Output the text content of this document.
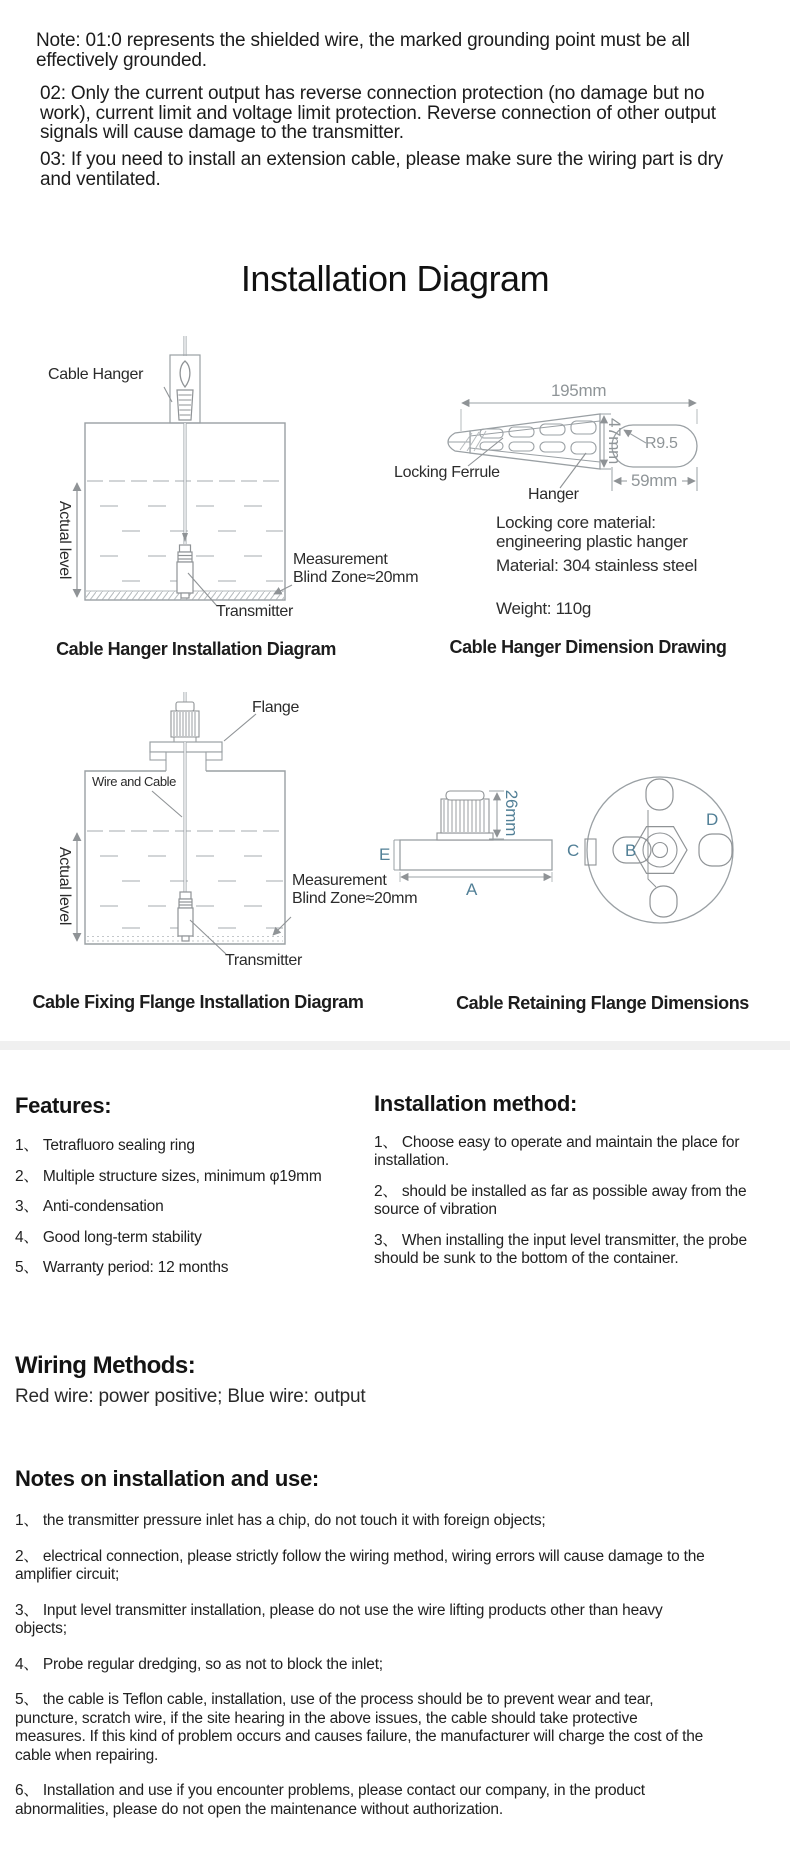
Note: 01:0 represents the shielded wire, the marked grounding point must be all effectively grounded.
02: Only the current output has reverse connection protection (no damage but no work), current limit and voltage limit protection. Reverse connection of other output signals will cause damage to the transmitter.
03: If you need to install an extension cable, please make sure the wiring part is dry and ventilated.
Installation Diagram
Cable Hanger
Actual level	Measurement
Blind Zone≈20mm
Transmitter
Cable Hanger Installation Diagram
195mm
47mm R9.5
59mm
Locking Ferrule
Hanger
Locking core material: engineering plastic hanger
Material: 304 stainless steel
Weight: 110g
Cable Hanger Dimension Drawing
Flange
Wire and Cable
Actual level	Measurement
Blind Zone≈20mm
Transmitter
Cable Fixing Flange Installation Diagram
E
26mm
A
C	B
D
Cable Retaining Flange Dimensions
Features:
1、 Tetrafluoro sealing ring
2、 Multiple structure sizes, minimum φ19mm
3、 Anti-condensation
4、 Good long-term stability
5、 Warranty period: 12 months
Installation method:
1、 Choose easy to operate and maintain the place for installation.
2、 should be installed as far as possible away from the source of vibration
3、 When installing the input level transmitter, the probe should be sunk to the bottom of the container.
Wiring Methods:
Red wire: power positive; Blue wire: output
Notes on installation and use:
1、 the transmitter pressure inlet has a chip, do not touch it with foreign objects;
2、 electrical connection, please strictly follow the wiring method, wiring errors will cause damage to the amplifier circuit;
3、 Input level transmitter installation, please do not use the wire lifting products other than heavy objects;
4、 Probe regular dredging, so as not to block the inlet;
5、 the cable is Teflon cable, installation, use of the process should be to prevent wear and tear, puncture, scratch wire, if the site hearing in the above issues, the cable should take protective measures. If this kind of problem occurs and causes failure, the manufacturer will charge the cost of the cable when repairing.
6、 Installation and use if you encounter problems, please contact our company, in the product abnormalities, please do not open the maintenance without authorization.
